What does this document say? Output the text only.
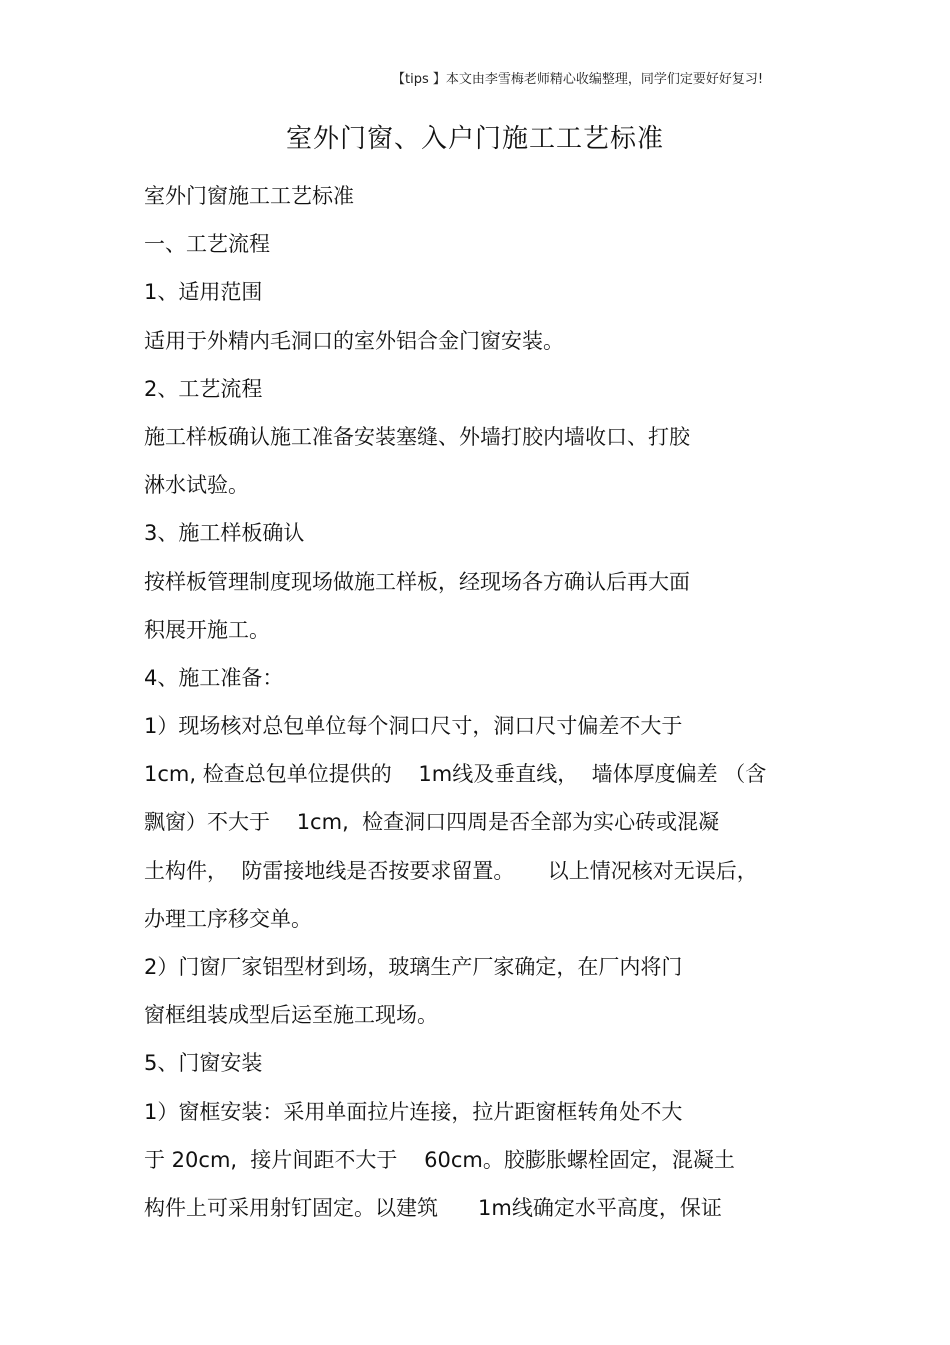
【tips 】本文由李雪梅老师精心收编整理，同学们定要好好复习!
室外门窗、入户门施工工艺标准
室外门窗施工工艺标准
一、工艺流程
1、适用范围
适用于外精内毛洞口的室外铝合金门窗安装。
2、工艺流程
施工样板确认施工准备安装塞缝、外墙打胶内墙收口、打胶
淋水试验。
3、施工样板确认
按样板管理制度现场做施工样板，经现场各方确认后再大面
积展开施工。
4、施工准备：
1）现场核对总包单位每个洞口尺寸，洞口尺寸偏差不大于
1cm, 检查总包单位提供的    1m线及垂直线，  墙体厚度偏差 （含
飘窗）不大于    1cm,  检查洞口四周是否全部为实心砖或混凝
土构件，  防雷接地线是否按要求留置。     以上情况核对无误后，
办理工序移交单。
2）门窗厂家铝型材到场，玻璃生产厂家确定，在厂内将门
窗框组装成型后运至施工现场。
5、门窗安装
1）窗框安装：采用单面拉片连接，拉片距窗框转角处不大
于 20cm,  接片间距不大于    60cm。胶膨胀螺栓固定，混凝土
构件上可采用射钉固定。以建筑      1m线确定水平高度，保证
